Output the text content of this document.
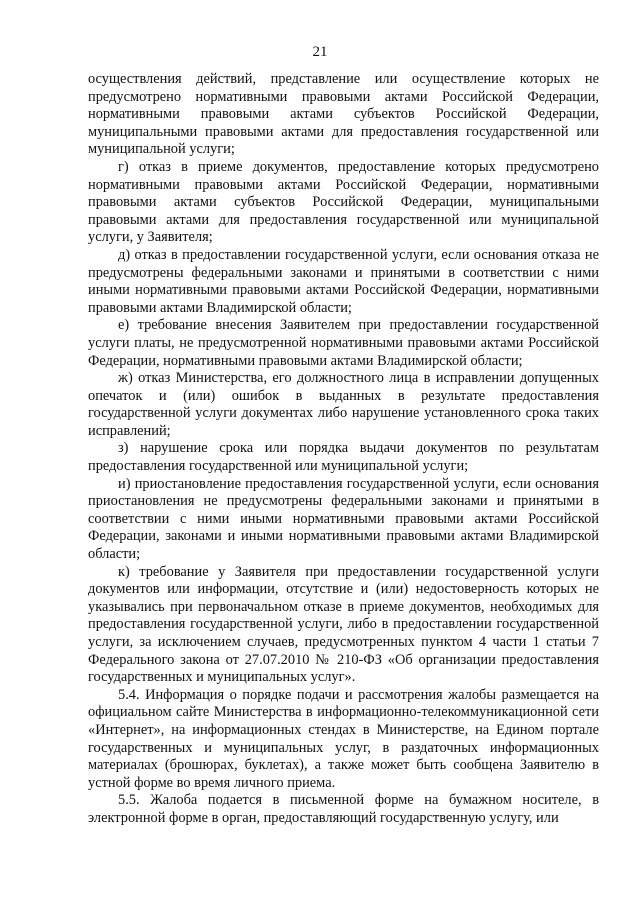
21

осуществления действий, представление или осуществление которых не предусмотрено нормативными правовыми актами Российской Федерации, нормативными правовыми актами субъектов Российской Федерации, муниципальными правовыми актами для предоставления государственной или муниципальной услуги;

г) отказ в приеме документов, предоставление которых предусмотрено нормативными правовыми актами Российской Федерации, нормативными правовыми актами субъектов Российской Федерации, муниципальными правовыми актами для предоставления государственной или муниципальной услуги, у Заявителя;

д) отказ в предоставлении государственной услуги, если основания отказа не предусмотрены федеральными законами и принятыми в соответствии с ними иными нормативными правовыми актами Российской Федерации, нормативными правовыми актами Владимирской области;

е) требование внесения Заявителем при предоставлении государственной услуги платы, не предусмотренной нормативными правовыми актами Российской Федерации, нормативными правовыми актами Владимирской области;

ж) отказ Министерства, его должностного лица в исправлении допущенных опечаток и (или) ошибок в выданных в результате предоставления государственной услуги документах либо нарушение установленного срока таких исправлений;

з) нарушение срока или порядка выдачи документов по результатам предоставления государственной или муниципальной услуги;

и) приостановление предоставления государственной услуги, если основания приостановления не предусмотрены федеральными законами и принятыми в соответствии с ними иными нормативными правовыми актами Российской Федерации, законами и иными нормативными правовыми актами Владимирской области;

к) требование у Заявителя при предоставлении государственной услуги документов или информации, отсутствие и (или) недостоверность которых не указывались при первоначальном отказе в приеме документов, необходимых для предоставления государственной услуги, либо в предоставлении государственной услуги, за исключением случаев, предусмотренных пунктом 4 части 1 статьи 7 Федерального закона от 27.07.2010 № 210-ФЗ «Об организации предоставления государственных и муниципальных услуг».

5.4. Информация о порядке подачи и рассмотрения жалобы размещается на официальном сайте Министерства в информационно-телекоммуникационной сети «Интернет», на информационных стендах в Министерстве, на Едином портале государственных и муниципальных услуг, в раздаточных информационных материалах (брошюрах, буклетах), а также может быть сообщена Заявителю в устной форме во время личного приема.

5.5. Жалоба подается в письменной форме на бумажном носителе, в электронной форме в орган, предоставляющий государственную услугу, или
